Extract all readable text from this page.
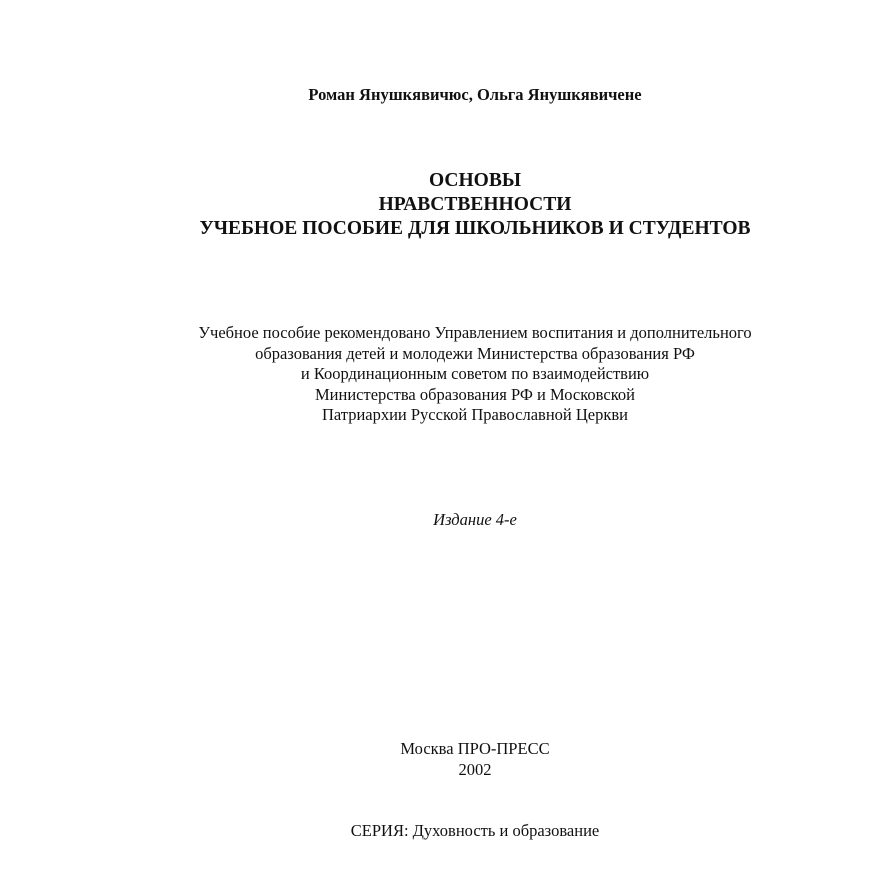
Роман Янушкявичюс, Ольга Янушкявичене
ОСНОВЫ
НРАВСТВЕННОСТИ
УЧЕБНОЕ ПОСОБИЕ ДЛЯ ШКОЛЬНИКОВ И СТУДЕНТОВ
Учебное пособие рекомендовано Управлением воспитания и дополнительного
образования детей и молодежи Министерства образования РФ
и Координационным советом по взаимодействию
Министерства образования РФ и Московской
Патриархии Русской Православной Церкви
Издание 4-е
Москва ПРО-ПРЕСС
2002
СЕРИЯ: Духовность и образование
